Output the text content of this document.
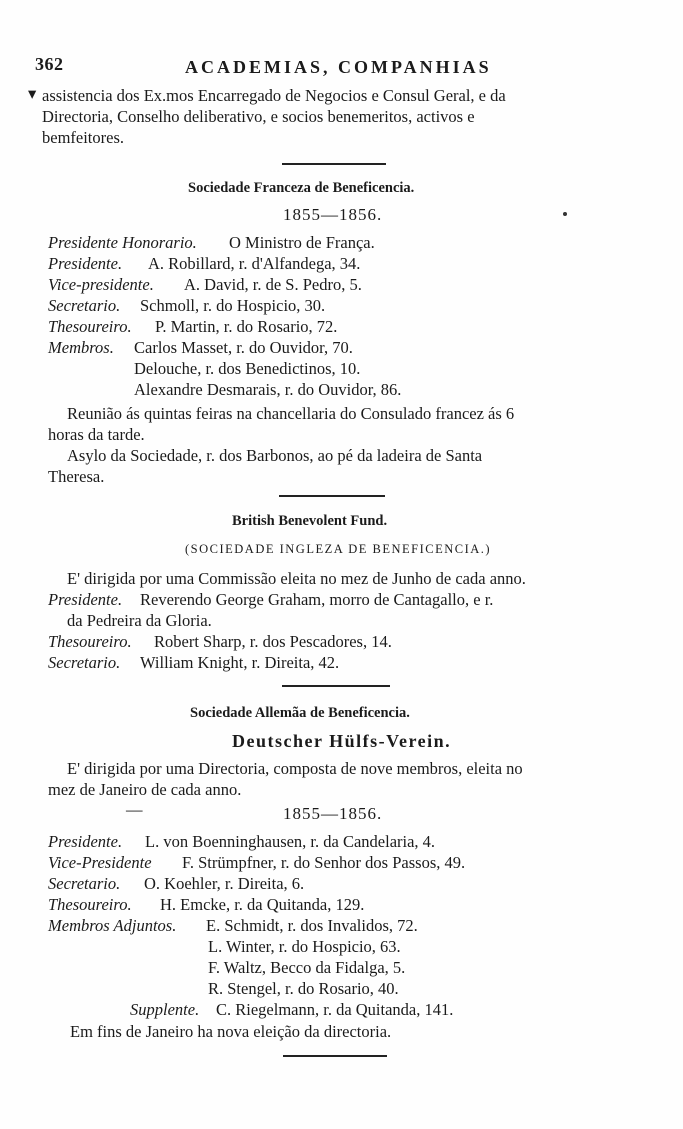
362	ACADEMIAS, COMPANHIAS
▾ assistencia dos Ex.mos Encarregado de Negocios e Consul Geral, e da
Directoria, Conselho deliberativo, e socios benemeritos, activos e
bemfeitores.
Sociedade Franceza de Beneficencia.
1855—1856.
Presidente Honorario. O Ministro de França.
Presidente. A. Robillard, r. d'Alfandega, 34.
Vice-presidente. A. David, r. de S. Pedro, 5.
Secretario. Schmoll, r. do Hospicio, 30.
Thesoureiro. P. Martin, r. do Rosario, 72.
Membros. Carlos Masset, r. do Ouvidor, 70.
Delouche, r. dos Benedictinos, 10.
Alexandre Desmarais, r. do Ouvidor, 86.
Reunião ás quintas feiras na chancellaria do Consulado francez ás 6
horas da tarde.
Asylo da Sociedade, r. dos Barbonos, ao pé da ladeira de Santa
Theresa.
British Benevolent Fund.
(SOCIEDADE INGLEZA DE BENEFICENCIA.)
E' dirigida por uma Commissão eleita no mez de Junho de cada anno.
Presidente. Reverendo George Graham, morro de Cantagallo, e r.
da Pedreira da Gloria.
Thesoureiro. Robert Sharp, r. dos Pescadores, 14.
Secretario. William Knight, r. Direita, 42.
Sociedade Allemãa de Beneficencia.
Deutscher Hülfs-Verein.
E' dirigida por uma Directoria, composta de nove membros, eleita no
mez de Janeiro de cada anno.
—	1855—1856.
Presidente. L. von Boenninghausen, r. da Candelaria, 4.
Vice-Presidente F. Strümpfner, r. do Senhor dos Passos, 49.
Secretario. O. Koehler, r. Direita, 6.
Thesoureiro. H. Emcke, r. da Quitanda, 129.
Membros Adjuntos. E. Schmidt, r. dos Invalidos, 72.
L. Winter, r. do Hospicio, 63.
F. Waltz, Becco da Fidalga, 5.
R. Stengel, r. do Rosario, 40.
Supplente. C. Riegelmann, r. da Quitanda, 141.
Em fins de Janeiro ha nova eleição da directoria.
